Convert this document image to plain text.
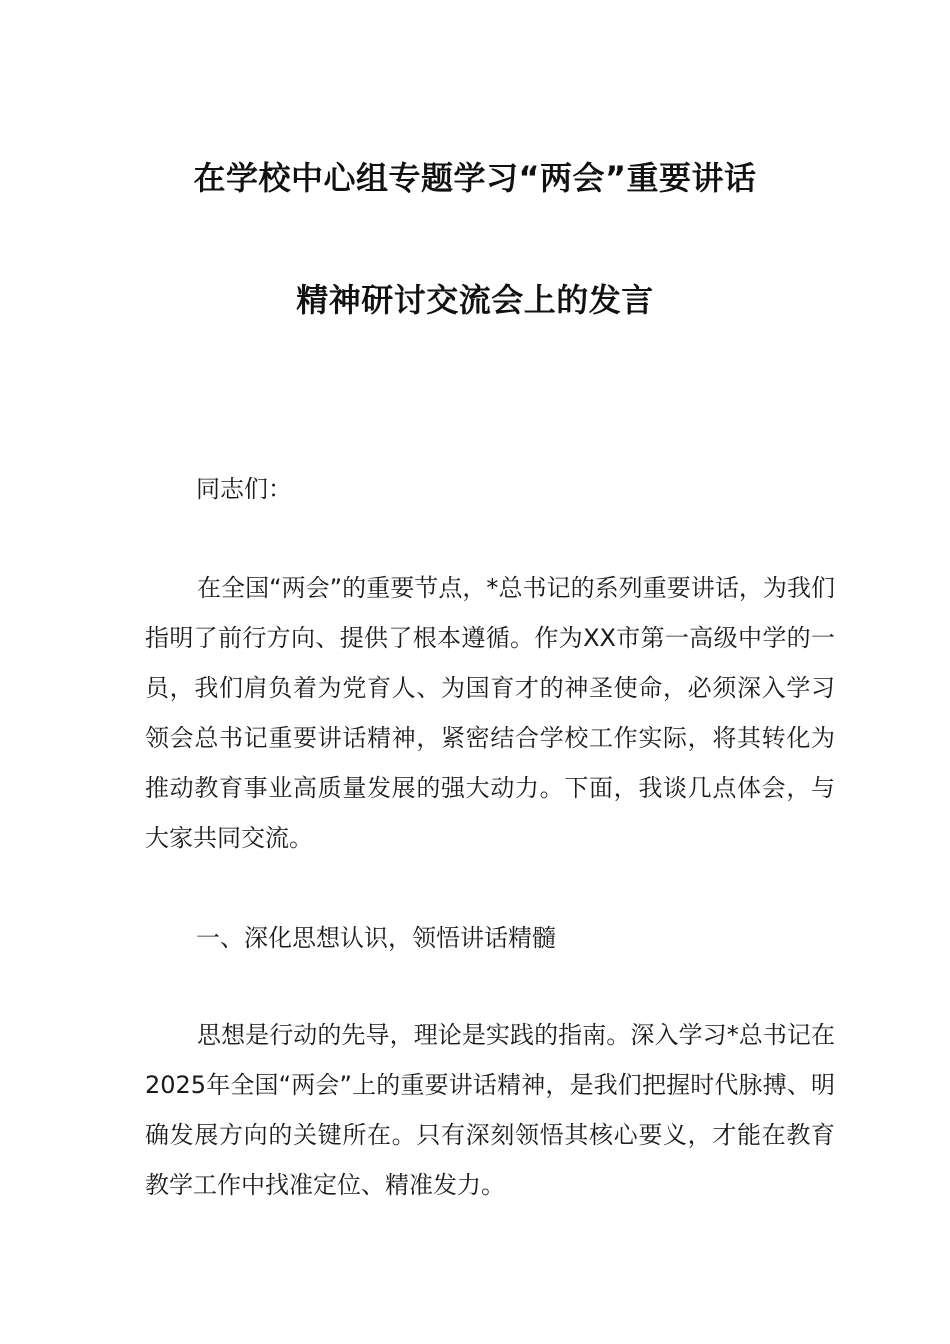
在学校中心组专题学习“两会”重要讲话
精神研讨交流会上的发言
同志们：

在全国“两会”的重要节点，*总书记的系列重要讲话，为我们指明了前行方向、提供了根本遵循。作为XX市第一高级中学的一员，我们肩负着为党育人、为国育才的神圣使命，必须深入学习领会总书记重要讲话精神，紧密结合学校工作实际，将其转化为推动教育事业高质量发展的强大动力。下面，我谈几点体会，与大家共同交流。

一、深化思想认识，领悟讲话精髓

思想是行动的先导，理论是实践的指南。深入学习*总书记在2025年全国“两会”上的重要讲话精神，是我们把握时代脉搏、明确发展方向的关键所在。只有深刻领悟其核心要义，才能在教育教学工作中找准定位、精准发力。
